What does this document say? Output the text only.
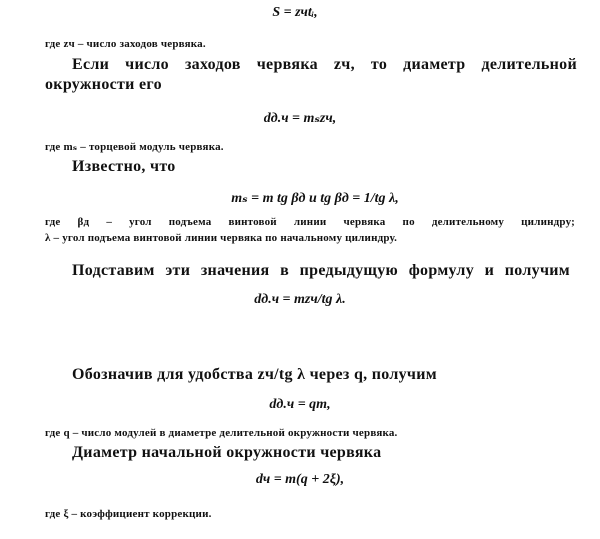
S = zчtᵢ,
где zч – число заходов червяка.
Если число заходов червяка zч, то диаметр делительной
окружности его
dд.ч = mₛzч,
где mₛ – торцевой модуль червяка.
Известно, что
mₛ = m tg βд и tg βд = 1/tg λ,
где βд – угол подъема винтовой линии червяка по делительному цилиндру;
λ – угол подъема винтовой линии червяка по начальному цилиндру.
Подставим эти значения в предыдущую формулу и получим
dд.ч = mzч/tg λ.
Обозначив для удобства zч/tg λ через q, получим
dд.ч = qm,
где q – число модулей в диаметре делительной окружности червяка.
Диаметр начальной окружности червяка
dч = m(q + 2ξ),
где ξ – коэффициент коррекции.
